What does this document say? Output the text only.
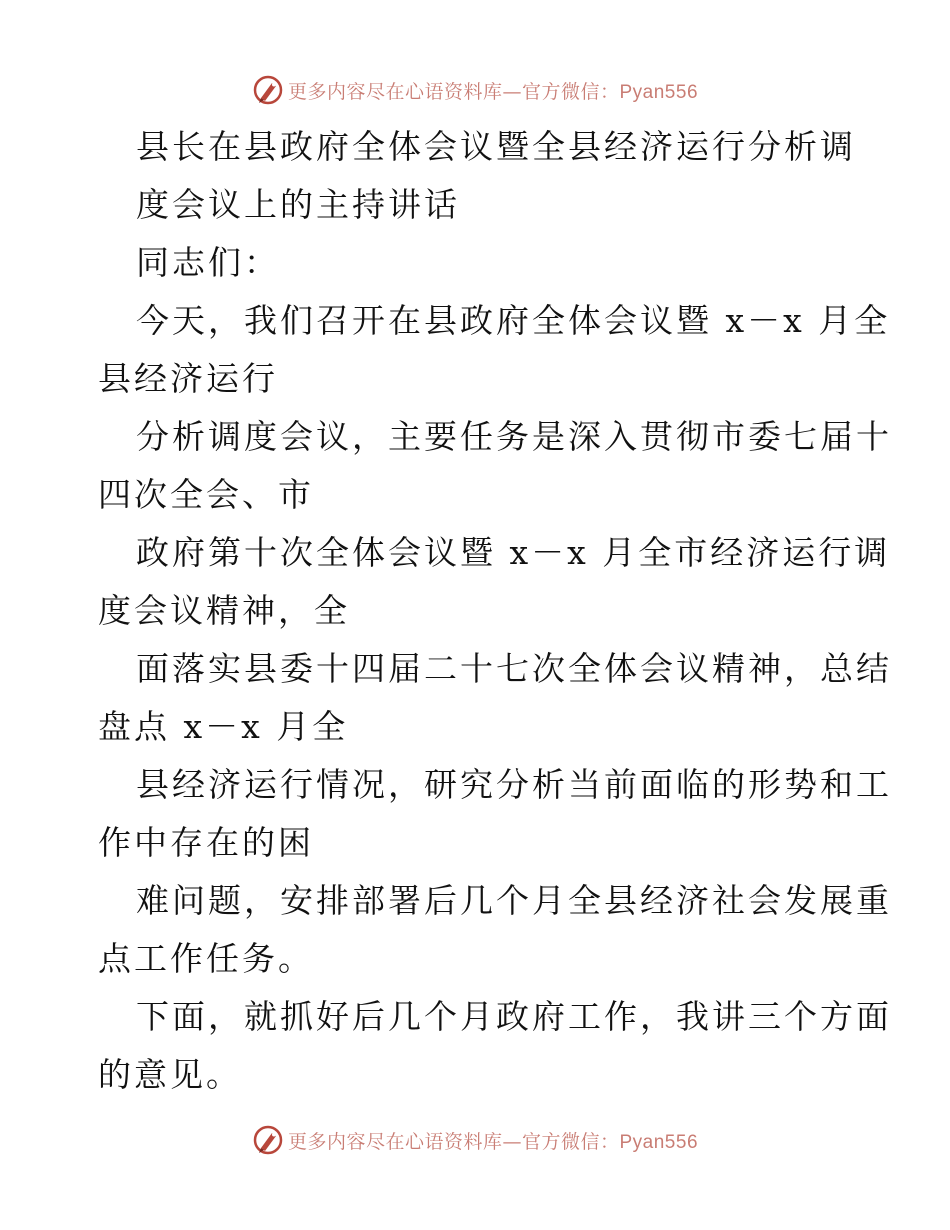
更多内容尽在心语资料库—官方微信：Pyan556
县长在县政府全体会议暨全县经济运行分析调
度会议上的主持讲话
同志们：
今天，我们召开在县政府全体会议暨 x－x 月全
县经济运行
分析调度会议，主要任务是深入贯彻市委七届十
四次全会、市
政府第十次全体会议暨 x－x 月全市经济运行调
度会议精神，全
面落实县委十四届二十七次全体会议精神，总结
盘点 x－x 月全
县经济运行情况，研究分析当前面临的形势和工
作中存在的困
难问题，安排部署后几个月全县经济社会发展重
点工作任务。
下面，就抓好后几个月政府工作，我讲三个方面
的意见。
更多内容尽在心语资料库—官方微信：Pyan556
